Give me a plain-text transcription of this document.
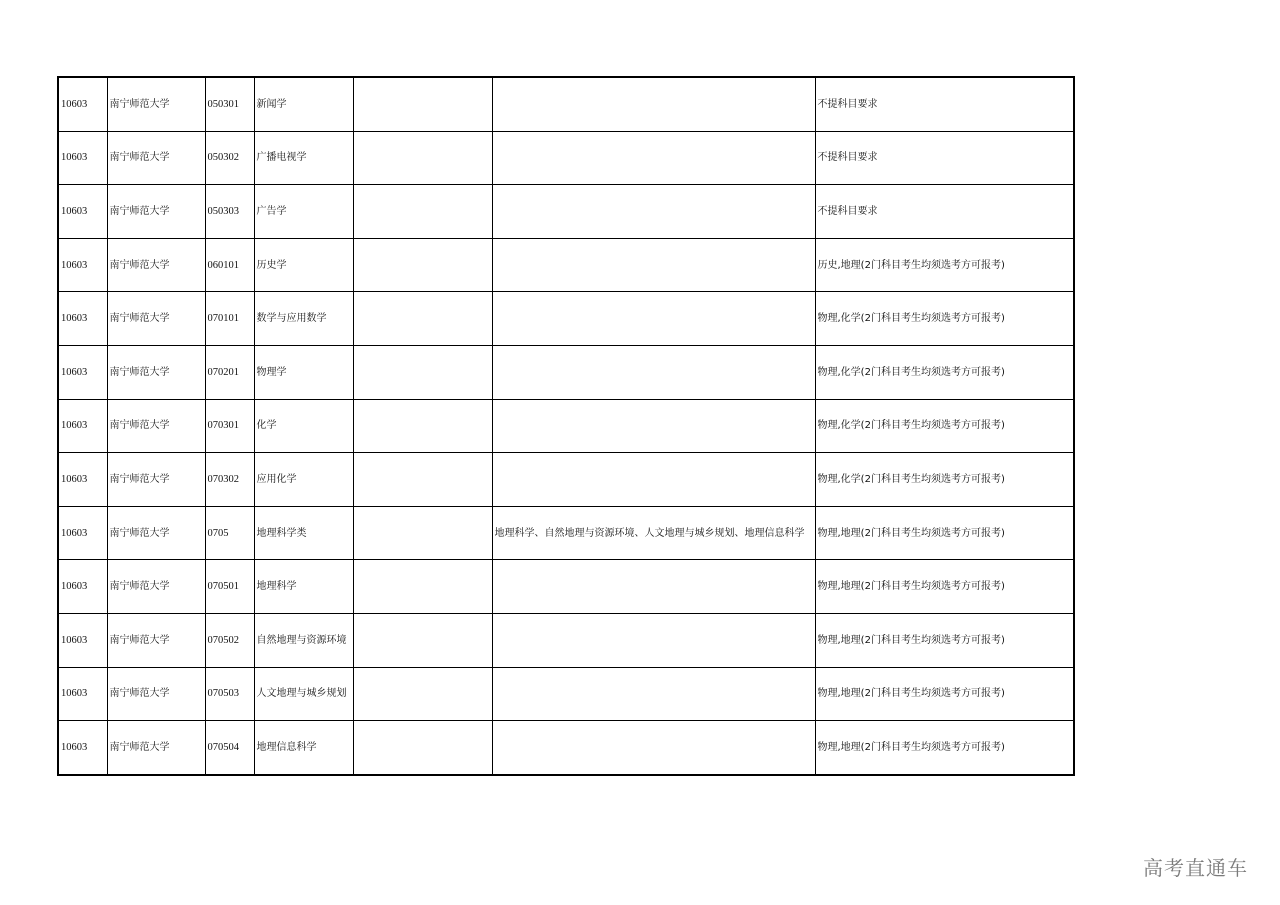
10603	南宁师范大学	050301	新闻学			不提科目要求
10603	南宁师范大学	050302	广播电视学			不提科目要求
10603	南宁师范大学	050303	广告学			不提科目要求
10603	南宁师范大学	060101	历史学			历史,地理(2门科目考生均须选考方可报考)
10603	南宁师范大学	070101	数学与应用数学			物理,化学(2门科目考生均须选考方可报考)
10603	南宁师范大学	070201	物理学			物理,化学(2门科目考生均须选考方可报考)
10603	南宁师范大学	070301	化学			物理,化学(2门科目考生均须选考方可报考)
10603	南宁师范大学	070302	应用化学			物理,化学(2门科目考生均须选考方可报考)
10603	南宁师范大学	0705	地理科学类		地理科学、自然地理与资源环境、人文地理与城乡规划、地理信息科学	物理,地理(2门科目考生均须选考方可报考)
10603	南宁师范大学	070501	地理科学			物理,地理(2门科目考生均须选考方可报考)
10603	南宁师范大学	070502	自然地理与资源环境			物理,地理(2门科目考生均须选考方可报考)
10603	南宁师范大学	070503	人文地理与城乡规划			物理,地理(2门科目考生均须选考方可报考)
10603	南宁师范大学	070504	地理信息科学			物理,地理(2门科目考生均须选考方可报考)
高考直通车
